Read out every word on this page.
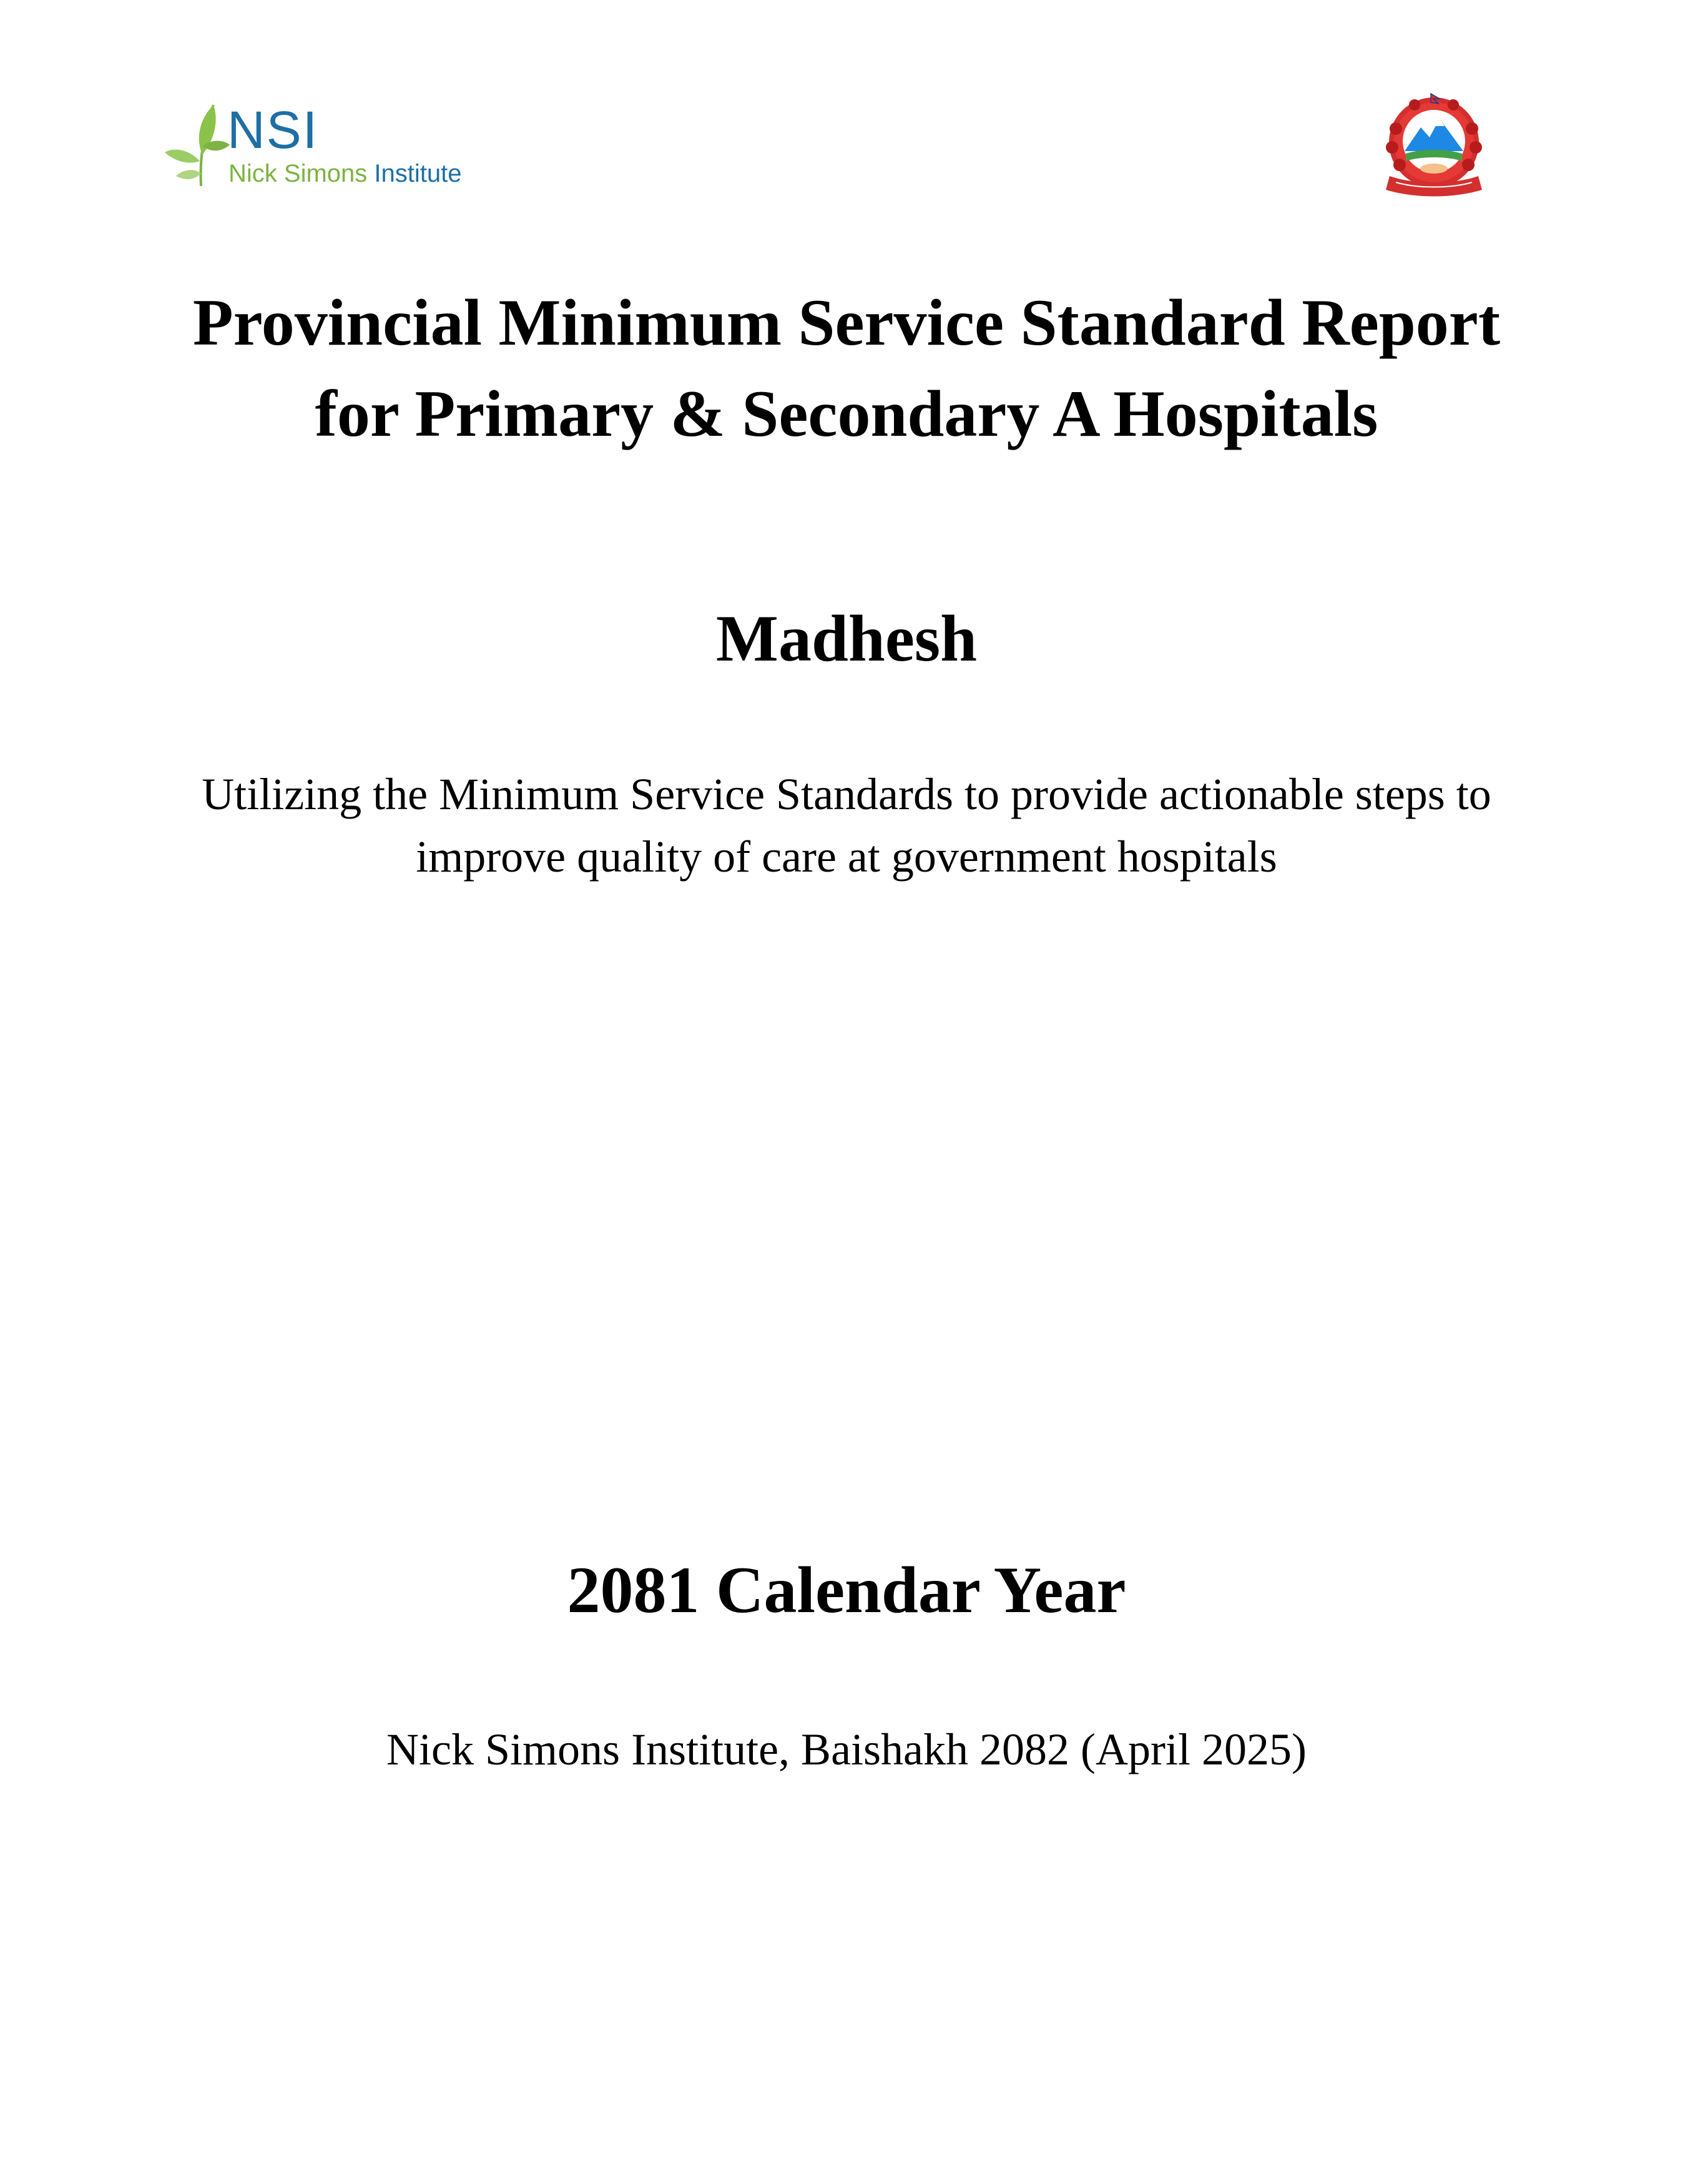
NSI
Nick Simons Institute
Provincial Minimum Service Standard Report
for Primary & Secondary A Hospitals
Madhesh
Utilizing the Minimum Service Standards to provide actionable steps to
improve quality of care at government hospitals
2081 Calendar Year
Nick Simons Institute, Baishakh 2082 (April 2025)
